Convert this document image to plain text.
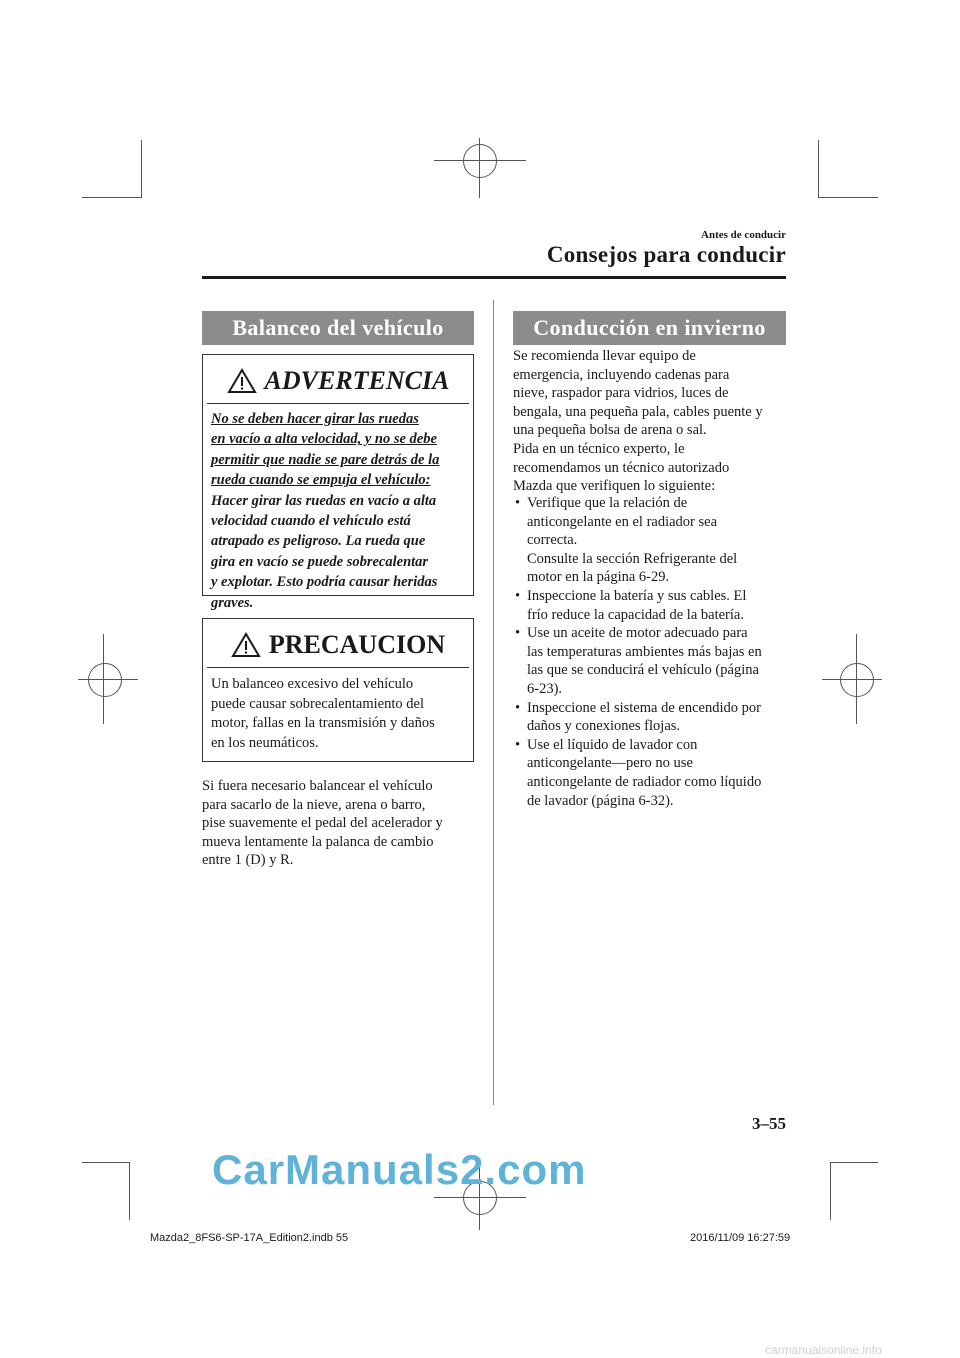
Antes de conducir
Consejos para conducir
Balanceo del vehículo
ADVERTENCIA
No se deben hacer girar las ruedas
en vacío a alta velocidad, y no se debe
permitir que nadie se pare detrás de la
rueda cuando se empuja el vehículo:
Hacer girar las ruedas en vacío a alta
velocidad cuando el vehículo está
atrapado es peligroso. La rueda que
gira en vacío se puede sobrecalentar
y explotar. Esto podría causar heridas
graves.
PRECAUCION
Un balanceo excesivo del vehículo
puede causar sobrecalentamiento del
motor, fallas en la transmisión y daños
en los neumáticos.
Si fuera necesario balancear el vehículo
para sacarlo de la nieve, arena o barro,
pise suavemente el pedal del acelerador y
mueva lentamente la palanca de cambio
entre 1 (D) y R.
Conducción en invierno
Se recomienda llevar equipo de
emergencia, incluyendo cadenas para
nieve, raspador para vidrios, luces de
bengala, una pequeña pala, cables puente y
una pequeña bolsa de arena o sal.
Pida en un técnico experto, le
recomendamos un técnico autorizado
Mazda que verifiquen lo siguiente:
• Verifique que la relación de
anticongelante en el radiador sea
correcta.
Consulte la sección Refrigerante del
motor en la página 6-29.
• Inspeccione la batería y sus cables. El
frío reduce la capacidad de la batería.
• Use un aceite de motor adecuado para
las temperaturas ambientes más bajas en
las que se conducirá el vehículo (página
6-23).
• Inspeccione el sistema de encendido por
daños y conexiones flojas.
• Use el líquido de lavador con
anticongelante—pero no use
anticongelante de radiador como líquido
de lavador (página 6-32).
3–55
CarManuals2.com
Mazda2_8FS6-SP-17A_Edition2.indb 55	2016/11/09 16:27:59
carmanualsonline.info
